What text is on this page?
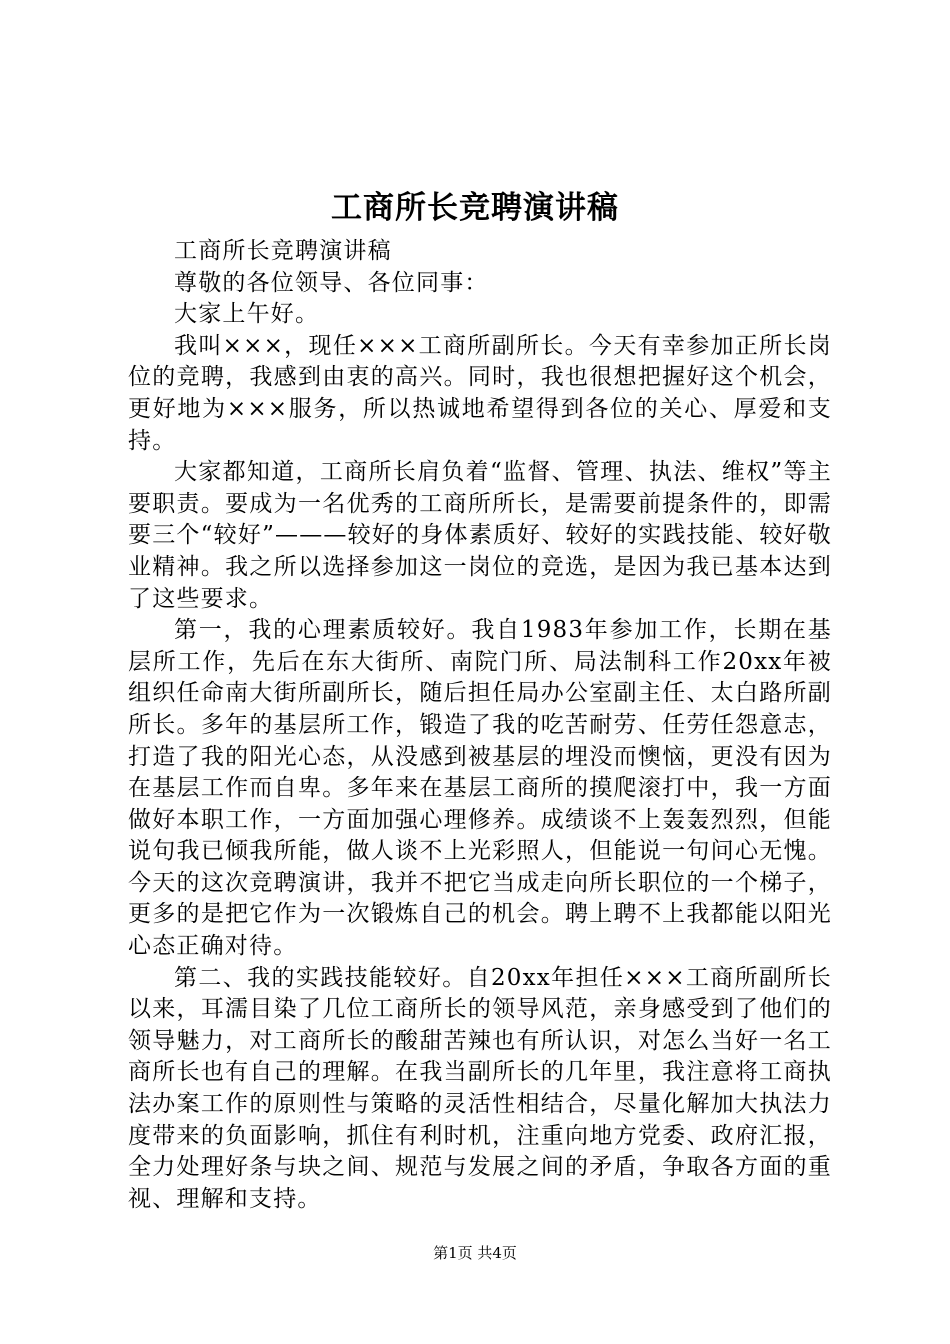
工商所长竞聘演讲稿

工商所长竞聘演讲稿

尊敬的各位领导、各位同事：

大家上午好。

我叫×××，现任×××工商所副所长。今天有幸参加正所长岗位的竞聘，我感到由衷的高兴。同时，我也很想把握好这个机会，更好地为×××服务，所以热诚地希望得到各位的关心、厚爱和支持。

大家都知道，工商所长肩负着“监督、管理、执法、维权”等主要职责。要成为一名优秀的工商所所长，是需要前提条件的，即需要三个“较好”———较好的身体素质好、较好的实践技能、较好敬业精神。我之所以选择参加这一岗位的竞选，是因为我已基本达到了这些要求。

第一，我的心理素质较好。我自1983年参加工作，长期在基层所工作，先后在东大街所、南院门所、局法制科工作20xx年被组织任命南大街所副所长，随后担任局办公室副主任、太白路所副所长。多年的基层所工作，锻造了我的吃苦耐劳、任劳任怨意志，打造了我的阳光心态，从没感到被基层的埋没而懊恼，更没有因为在基层工作而自卑。多年来在基层工商所的摸爬滚打中，我一方面做好本职工作，一方面加强心理修养。成绩谈不上轰轰烈烈，但能说句我已倾我所能，做人谈不上光彩照人，但能说一句问心无愧。今天的这次竞聘演讲，我并不把它当成走向所长职位的一个梯子，更多的是把它作为一次锻炼自己的机会。聘上聘不上我都能以阳光心态正确对待。

第二、我的实践技能较好。自20xx年担任×××工商所副所长以来，耳濡目染了几位工商所长的领导风范，亲身感受到了他们的领导魅力，对工商所长的酸甜苦辣也有所认识，对怎么当好一名工商所长也有自己的理解。在我当副所长的几年里，我注意将工商执法办案工作的原则性与策略的灵活性相结合，尽量化解加大执法力度带来的负面影响，抓住有利时机，注重向地方党委、政府汇报，全力处理好条与块之间、规范与发展之间的矛盾，争取各方面的重视、理解和支持。

第1页 共4页
